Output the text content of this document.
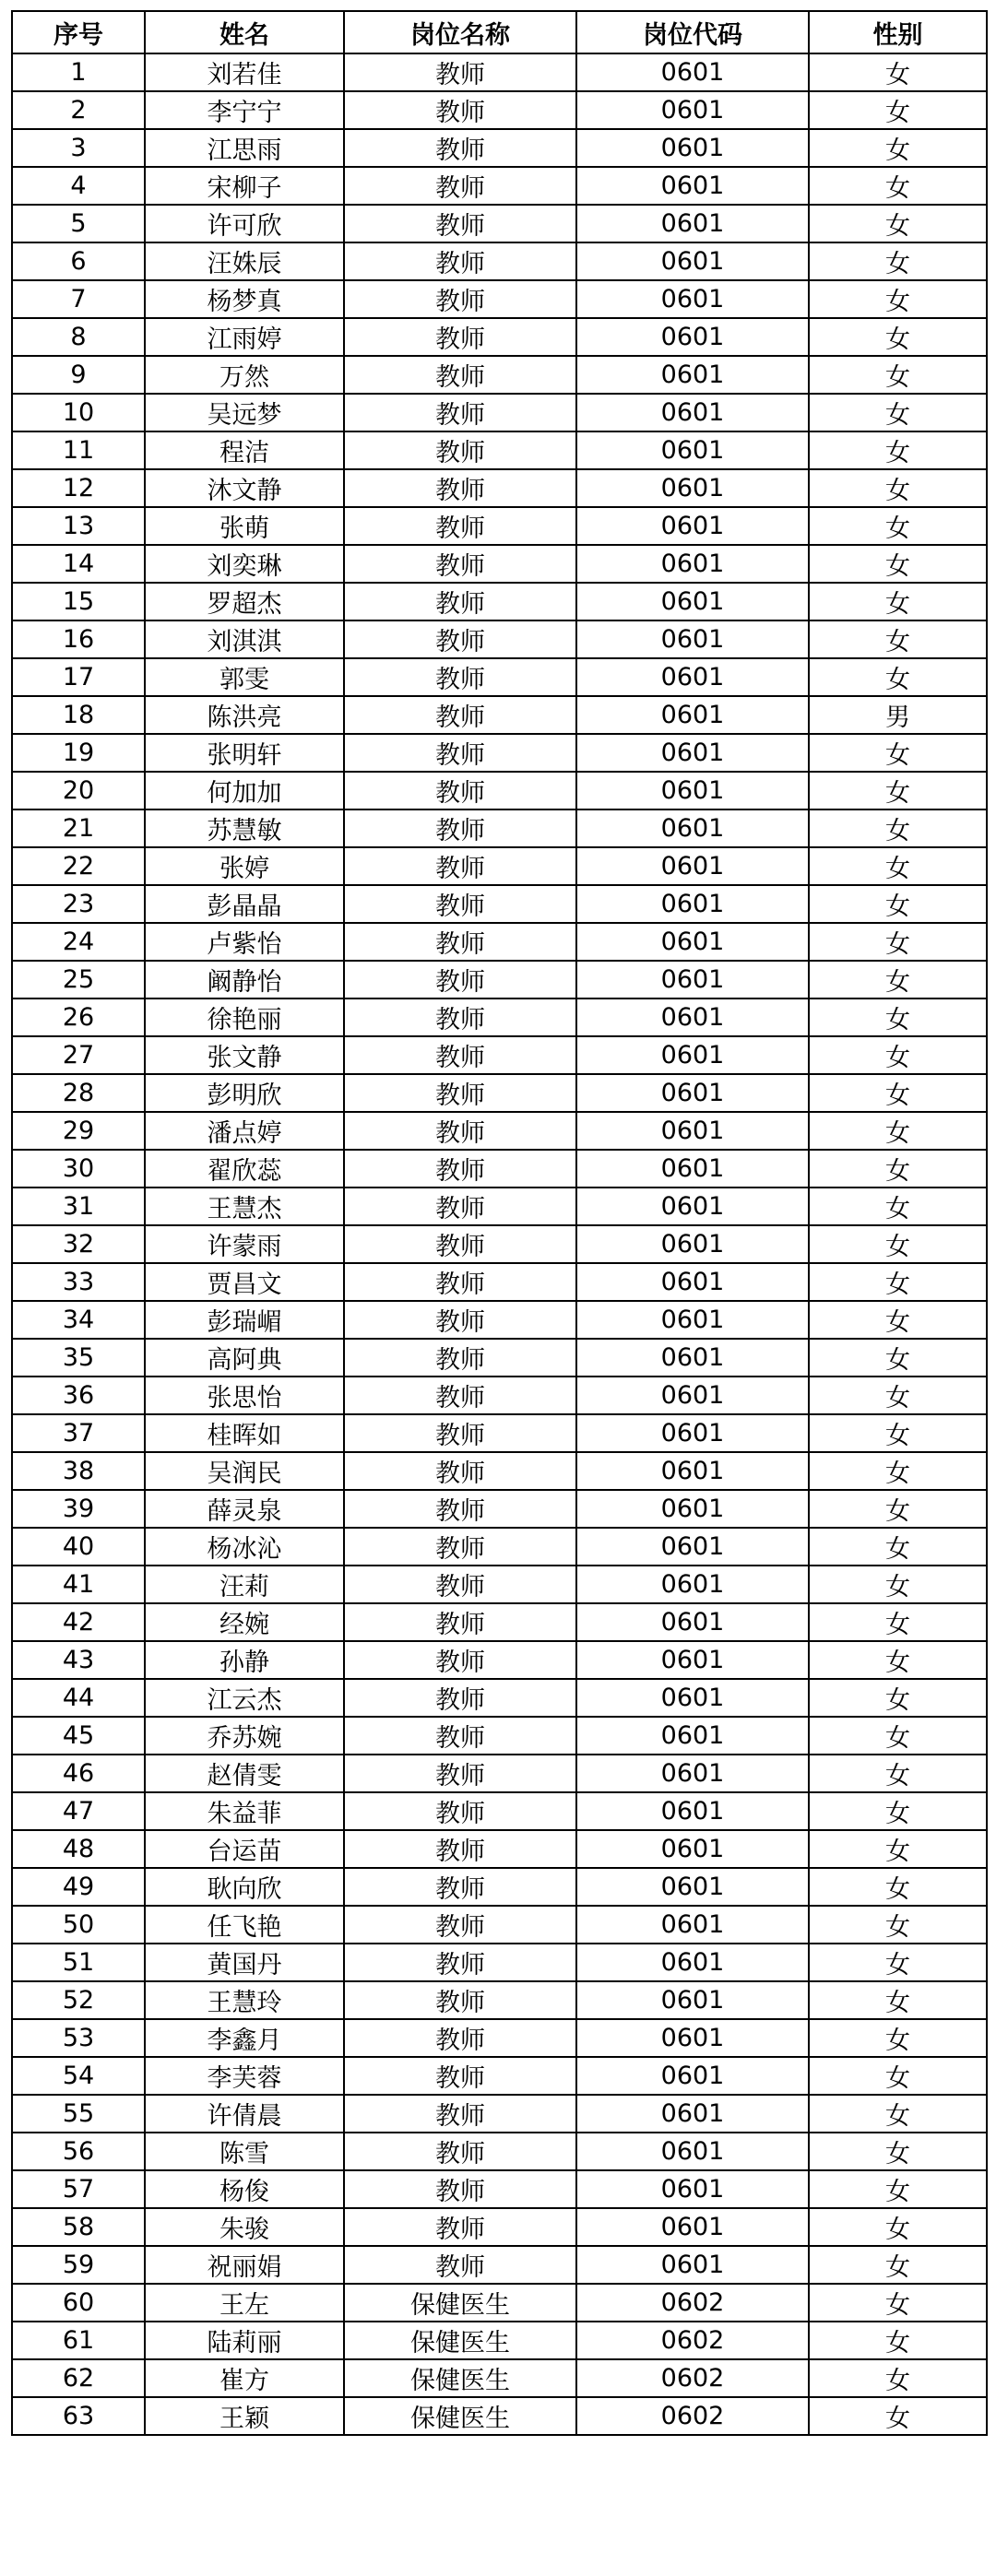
序号	姓名	岗位名称	岗位代码	性别
1	刘若佳	教师	0601	女
2	李宁宁	教师	0601	女
3	江思雨	教师	0601	女
4	宋柳子	教师	0601	女
5	许可欣	教师	0601	女
6	汪姝辰	教师	0601	女
7	杨梦真	教师	0601	女
8	江雨婷	教师	0601	女
9	万然	教师	0601	女
10	吴远梦	教师	0601	女
11	程洁	教师	0601	女
12	沐文静	教师	0601	女
13	张萌	教师	0601	女
14	刘奕琳	教师	0601	女
15	罗超杰	教师	0601	女
16	刘淇淇	教师	0601	女
17	郭雯	教师	0601	女
18	陈洪亮	教师	0601	男
19	张明轩	教师	0601	女
20	何加加	教师	0601	女
21	苏慧敏	教师	0601	女
22	张婷	教师	0601	女
23	彭晶晶	教师	0601	女
24	卢紫怡	教师	0601	女
25	阚静怡	教师	0601	女
26	徐艳丽	教师	0601	女
27	张文静	教师	0601	女
28	彭明欣	教师	0601	女
29	潘点婷	教师	0601	女
30	翟欣蕊	教师	0601	女
31	王慧杰	教师	0601	女
32	许蒙雨	教师	0601	女
33	贾昌文	教师	0601	女
34	彭瑞嵋	教师	0601	女
35	高阿典	教师	0601	女
36	张思怡	教师	0601	女
37	桂晖如	教师	0601	女
38	吴润民	教师	0601	女
39	薛灵泉	教师	0601	女
40	杨冰沁	教师	0601	女
41	汪莉	教师	0601	女
42	经婉	教师	0601	女
43	孙静	教师	0601	女
44	江云杰	教师	0601	女
45	乔苏婉	教师	0601	女
46	赵倩雯	教师	0601	女
47	朱益菲	教师	0601	女
48	台运苗	教师	0601	女
49	耿向欣	教师	0601	女
50	任飞艳	教师	0601	女
51	黄国丹	教师	0601	女
52	王慧玲	教师	0601	女
53	李鑫月	教师	0601	女
54	李芙蓉	教师	0601	女
55	许倩晨	教师	0601	女
56	陈雪	教师	0601	女
57	杨俊	教师	0601	女
58	朱骏	教师	0601	女
59	祝丽娟	教师	0601	女
60	王左	保健医生	0602	女
61	陆莉丽	保健医生	0602	女
62	崔方	保健医生	0602	女
63	王颖	保健医生	0602	女
